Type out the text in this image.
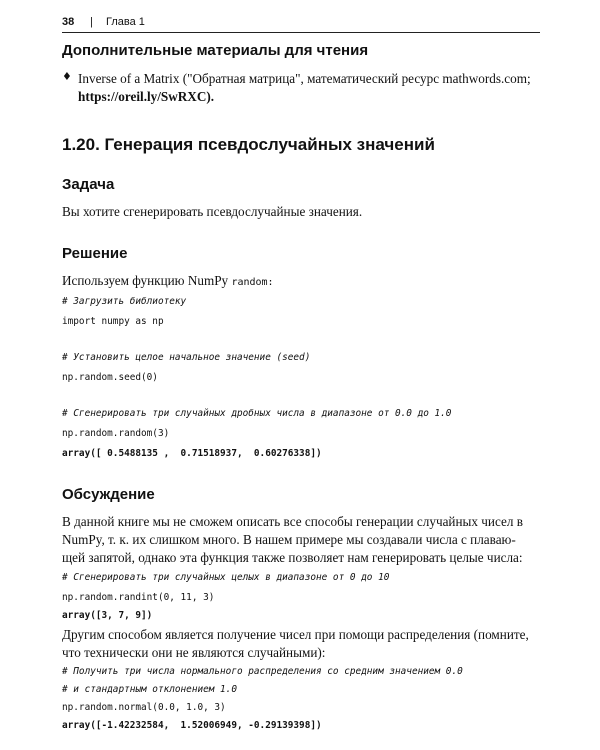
38 | Глава 1
Дополнительные материалы для чтения
♦ Inverse of a Matrix ("Обратная матрица", математический ресурс mathwords.com;
https://oreil.ly/SwRXC).
1.20. Генерация псевдослучайных значений
Задача

Вы хотите сгенерировать псевдослучайные значения.

Решение

Используем функцию NumPy random:

# Загрузить библиотеку
import numpy as np
# Установить целое начальное значение (seed)
np.random.seed(0)
# Сгенерировать три случайных дробных числа в диапазоне от 0.0 до 1.0
np.random.random(3)
array([ 0.5488135 ,  0.71518937,  0.60276338])
Обсуждение

В данной книге мы не сможем описать все способы генерации случайных чисел в

NumPy, т. к. их слишком много. В нашем примере мы создавали числа с плаваю-

щей запятой, однако эта функция также позволяет нам генерировать целые числа:

# Сгенерировать три случайных целых в диапазоне от 0 до 10
np.random.randint(0, 11, 3)
array([3, 7, 9])

Другим способом является получение чисел при помощи распределения (помните,

что технически они не являются случайными):

# Получить три числа нормального распределения со средним значением 0.0
# и стандартным отклонением 1.0
np.random.normal(0.0, 1.0, 3)
array([-1.42232584,  1.52006949, -0.29139398])
